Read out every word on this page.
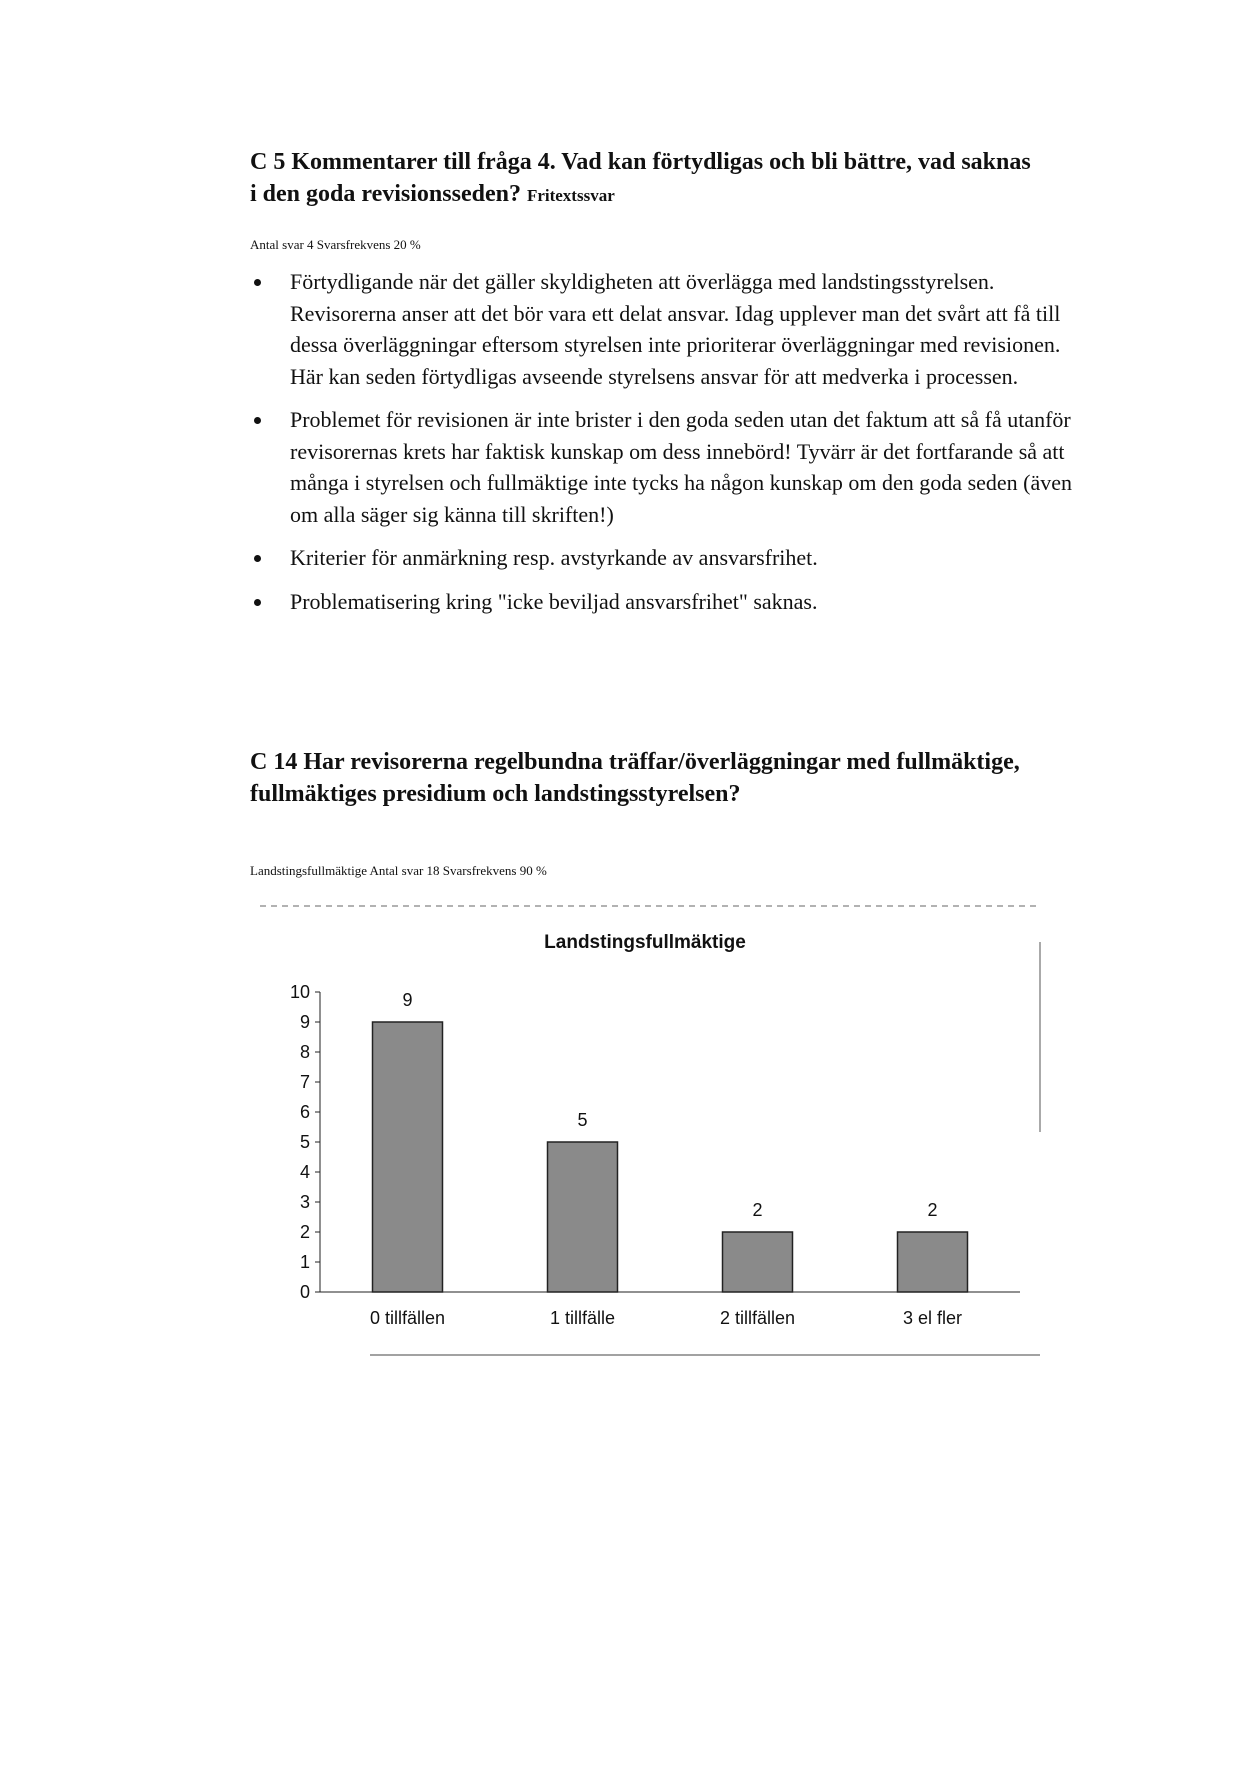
C 5 Kommentarer till fråga 4. Vad kan förtydligas och bli bättre, vad saknas i den goda revisionsseden? Fritextssvar

Antal svar 4 Svarsfrekvens 20 %

Förtydligande när det gäller skyldigheten att överlägga med landstingsstyrelsen. Revisorerna anser att det bör vara ett delat ansvar. Idag upplever man det svårt att få till dessa överläggningar eftersom styrelsen inte prioriterar överläggningar med revisionen. Här kan seden förtydligas avseende styrelsens ansvar för att medverka i processen.
Problemet för revisionen är inte brister i den goda seden utan det faktum att så få utanför revisorernas krets har faktisk kunskap om dess innebörd! Tyvärr är det fortfarande så att många i styrelsen och fullmäktige inte tycks ha någon kunskap om den goda seden (även om alla säger sig känna till skriften!)
Kriterier för anmärkning resp. avstyrkande av ansvarsfrihet.
Problematisering kring "icke beviljad ansvarsfrihet" saknas.
C 14 Har revisorerna regelbundna träffar/överläggningar med fullmäktige, fullmäktiges presidium och landstingsstyrelsen?

Landstingsfullmäktige Antal svar 18 Svarsfrekvens 90 %

Landstingsfullmäktige
0
1
2
3
4
5
6
7
8
9
10	9
0 tillfällen
5
1 tillfälle
2
2 tillfällen
2
3 el fler
